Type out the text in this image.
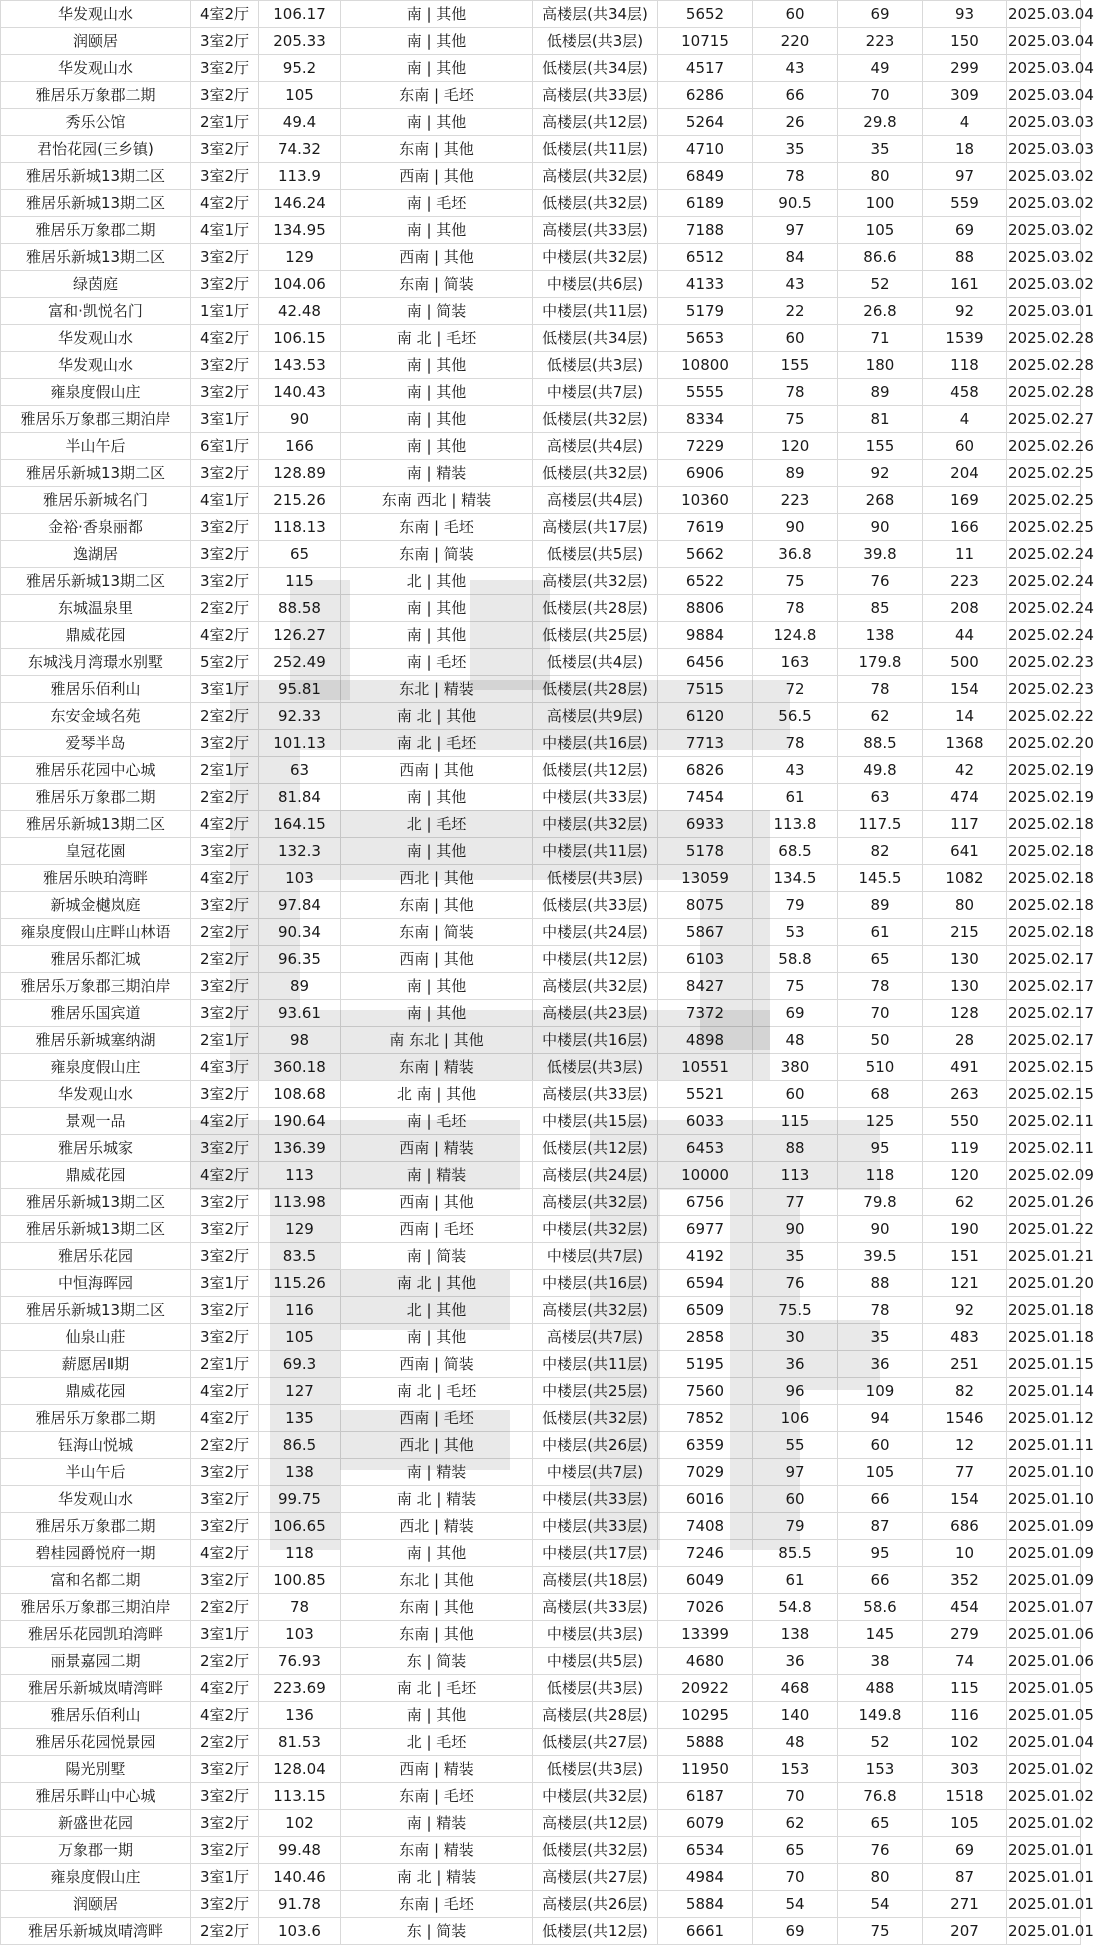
华发观山水	4室2厅	106.17	南 | 其他	高楼层(共34层)	5652	60	69	93	2025.03.04
润颐居	3室2厅	205.33	南 | 其他	低楼层(共3层)	10715	220	223	150	2025.03.04
华发观山水	3室2厅	95.2	南 | 其他	低楼层(共34层)	4517	43	49	299	2025.03.04
雅居乐万象郡二期	3室2厅	105	东南 | 毛坯	高楼层(共33层)	6286	66	70	309	2025.03.04
秀乐公馆	2室1厅	49.4	南 | 其他	高楼层(共12层)	5264	26	29.8	4	2025.03.03
君怡花园(三乡镇)	3室2厅	74.32	东南 | 其他	低楼层(共11层)	4710	35	35	18	2025.03.03
雅居乐新城13期二区	3室2厅	113.9	西南 | 其他	高楼层(共32层)	6849	78	80	97	2025.03.02
雅居乐新城13期二区	4室2厅	146.24	南 | 毛坯	低楼层(共32层)	6189	90.5	100	559	2025.03.02
雅居乐万象郡二期	4室1厅	134.95	南 | 其他	高楼层(共33层)	7188	97	105	69	2025.03.02
雅居乐新城13期二区	3室2厅	129	西南 | 其他	中楼层(共32层)	6512	84	86.6	88	2025.03.02
绿茵庭	3室2厅	104.06	东南 | 简装	中楼层(共6层)	4133	43	52	161	2025.03.02
富和·凯悦名门	1室1厅	42.48	南 | 简装	中楼层(共11层)	5179	22	26.8	92	2025.03.01
华发观山水	4室2厅	106.15	南 北 | 毛坯	低楼层(共34层)	5653	60	71	1539	2025.02.28
华发观山水	3室2厅	143.53	南 | 其他	低楼层(共3层)	10800	155	180	118	2025.02.28
雍泉度假山庄	3室2厅	140.43	南 | 其他	中楼层(共7层)	5555	78	89	458	2025.02.28
雅居乐万象郡三期泊岸	3室1厅	90	南 | 其他	低楼层(共32层)	8334	75	81	4	2025.02.27
半山午后	6室1厅	166	南 | 其他	高楼层(共4层)	7229	120	155	60	2025.02.26
雅居乐新城13期二区	3室2厅	128.89	南 | 精装	低楼层(共32层)	6906	89	92	204	2025.02.25
雅居乐新城名门	4室1厅	215.26	东南 西北 | 精装	高楼层(共4层)	10360	223	268	169	2025.02.25
金裕·香泉丽都	3室2厅	118.13	东南 | 毛坯	高楼层(共17层)	7619	90	90	166	2025.02.25
逸湖居	3室2厅	65	东南 | 简装	低楼层(共5层)	5662	36.8	39.8	11	2025.02.24
雅居乐新城13期二区	3室2厅	115	北 | 其他	高楼层(共32层)	6522	75	76	223	2025.02.24
东城温泉里	2室2厅	88.58	南 | 其他	低楼层(共28层)	8806	78	85	208	2025.02.24
鼎威花园	4室2厅	126.27	南 | 其他	低楼层(共25层)	9884	124.8	138	44	2025.02.24
东城浅月湾璟水别墅	5室2厅	252.49	南 | 毛坯	低楼层(共4层)	6456	163	179.8	500	2025.02.23
雅居乐佰利山	3室1厅	95.81	东北 | 精装	低楼层(共28层)	7515	72	78	154	2025.02.23
东安金域名苑	2室2厅	92.33	南 北 | 其他	高楼层(共9层)	6120	56.5	62	14	2025.02.22
爱琴半岛	3室2厅	101.13	南 北 | 毛坯	中楼层(共16层)	7713	78	88.5	1368	2025.02.20
雅居乐花园中心城	2室1厅	63	西南 | 其他	低楼层(共12层)	6826	43	49.8	42	2025.02.19
雅居乐万象郡二期	2室2厅	81.84	南 | 其他	中楼层(共33层)	7454	61	63	474	2025.02.19
雅居乐新城13期二区	4室2厅	164.15	北 | 毛坯	中楼层(共32层)	6933	113.8	117.5	117	2025.02.18
皇冠花園	3室2厅	132.3	南 | 其他	中楼层(共11层)	5178	68.5	82	641	2025.02.18
雅居乐映珀湾畔	4室2厅	103	西北 | 其他	低楼层(共3层)	13059	134.5	145.5	1082	2025.02.18
新城金樾岚庭	3室2厅	97.84	东南 | 其他	低楼层(共33层)	8075	79	89	80	2025.02.18
雍泉度假山庄畔山林语	2室2厅	90.34	东南 | 简装	中楼层(共24层)	5867	53	61	215	2025.02.18
雅居乐都汇城	2室2厅	96.35	西南 | 其他	中楼层(共12层)	6103	58.8	65	130	2025.02.17
雅居乐万象郡三期泊岸	3室2厅	89	南 | 其他	高楼层(共32层)	8427	75	78	130	2025.02.17
雅居乐国宾道	3室2厅	93.61	南 | 其他	高楼层(共23层)	7372	69	70	128	2025.02.17
雅居乐新城塞纳湖	2室1厅	98	南 东北 | 其他	中楼层(共16层)	4898	48	50	28	2025.02.17
雍泉度假山庄	4室3厅	360.18	东南 | 精装	低楼层(共3层)	10551	380	510	491	2025.02.15
华发观山水	3室2厅	108.68	北 南 | 其他	高楼层(共33层)	5521	60	68	263	2025.02.15
景观一品	4室2厅	190.64	南 | 毛坯	中楼层(共15层)	6033	115	125	550	2025.02.11
雅居乐城家	3室2厅	136.39	西南 | 精装	低楼层(共12层)	6453	88	95	119	2025.02.11
鼎威花园	4室2厅	113	南 | 精装	高楼层(共24层)	10000	113	118	120	2025.02.09
雅居乐新城13期二区	3室2厅	113.98	西南 | 其他	高楼层(共32层)	6756	77	79.8	62	2025.01.26
雅居乐新城13期二区	3室2厅	129	西南 | 毛坯	中楼层(共32层)	6977	90	90	190	2025.01.22
雅居乐花园	3室2厅	83.5	南 | 简装	中楼层(共7层)	4192	35	39.5	151	2025.01.21
中恒海晖园	3室1厅	115.26	南 北 | 其他	中楼层(共16层)	6594	76	88	121	2025.01.20
雅居乐新城13期二区	3室2厅	116	北 | 其他	高楼层(共32层)	6509	75.5	78	92	2025.01.18
仙泉山莊	3室2厅	105	南 | 其他	高楼层(共7层)	2858	30	35	483	2025.01.18
薪愿居Ⅱ期	2室1厅	69.3	西南 | 简装	中楼层(共11层)	5195	36	36	251	2025.01.15
鼎威花园	4室2厅	127	南 北 | 毛坯	中楼层(共25层)	7560	96	109	82	2025.01.14
雅居乐万象郡二期	4室2厅	135	西南 | 毛坯	低楼层(共32层)	7852	106	94	1546	2025.01.12
钰海山悦城	2室2厅	86.5	西北 | 其他	中楼层(共26层)	6359	55	60	12	2025.01.11
半山午后	3室2厅	138	南 | 精装	中楼层(共7层)	7029	97	105	77	2025.01.10
华发观山水	3室2厅	99.75	南 北 | 精装	中楼层(共33层)	6016	60	66	154	2025.01.10
雅居乐万象郡二期	3室2厅	106.65	西北 | 精装	中楼层(共33层)	7408	79	87	686	2025.01.09
碧桂园爵悦府一期	4室2厅	118	南 | 其他	中楼层(共17层)	7246	85.5	95	10	2025.01.09
富和名都二期	3室2厅	100.85	东北 | 其他	高楼层(共18层)	6049	61	66	352	2025.01.09
雅居乐万象郡三期泊岸	2室2厅	78	东南 | 其他	高楼层(共33层)	7026	54.8	58.6	454	2025.01.07
雅居乐花园凯珀湾畔	3室1厅	103	东南 | 其他	中楼层(共3层)	13399	138	145	279	2025.01.06
丽景嘉园二期	2室2厅	76.93	东 | 简装	中楼层(共5层)	4680	36	38	74	2025.01.06
雅居乐新城岚晴湾畔	4室2厅	223.69	南 北 | 毛坯	低楼层(共3层)	20922	468	488	115	2025.01.05
雅居乐佰利山	4室2厅	136	南 | 其他	高楼层(共28层)	10295	140	149.8	116	2025.01.05
雅居乐花园悦景园	2室2厅	81.53	北 | 毛坯	低楼层(共27层)	5888	48	52	102	2025.01.04
陽光別墅	3室2厅	128.04	西南 | 精装	低楼层(共3层)	11950	153	153	303	2025.01.02
雅居乐畔山中心城	3室2厅	113.15	东南 | 毛坯	中楼层(共32层)	6187	70	76.8	1518	2025.01.02
新盛世花园	3室2厅	102	南 | 精装	高楼层(共12层)	6079	62	65	105	2025.01.02
万象郡一期	3室2厅	99.48	东南 | 精装	低楼层(共32层)	6534	65	76	69	2025.01.01
雍泉度假山庄	3室1厅	140.46	南 北 | 精装	高楼层(共27层)	4984	70	80	87	2025.01.01
润颐居	3室2厅	91.78	东南 | 毛坯	高楼层(共26层)	5884	54	54	271	2025.01.01
雅居乐新城岚晴湾畔	2室2厅	103.6	东 | 简装	低楼层(共12层)	6661	69	75	207	2025.01.01
